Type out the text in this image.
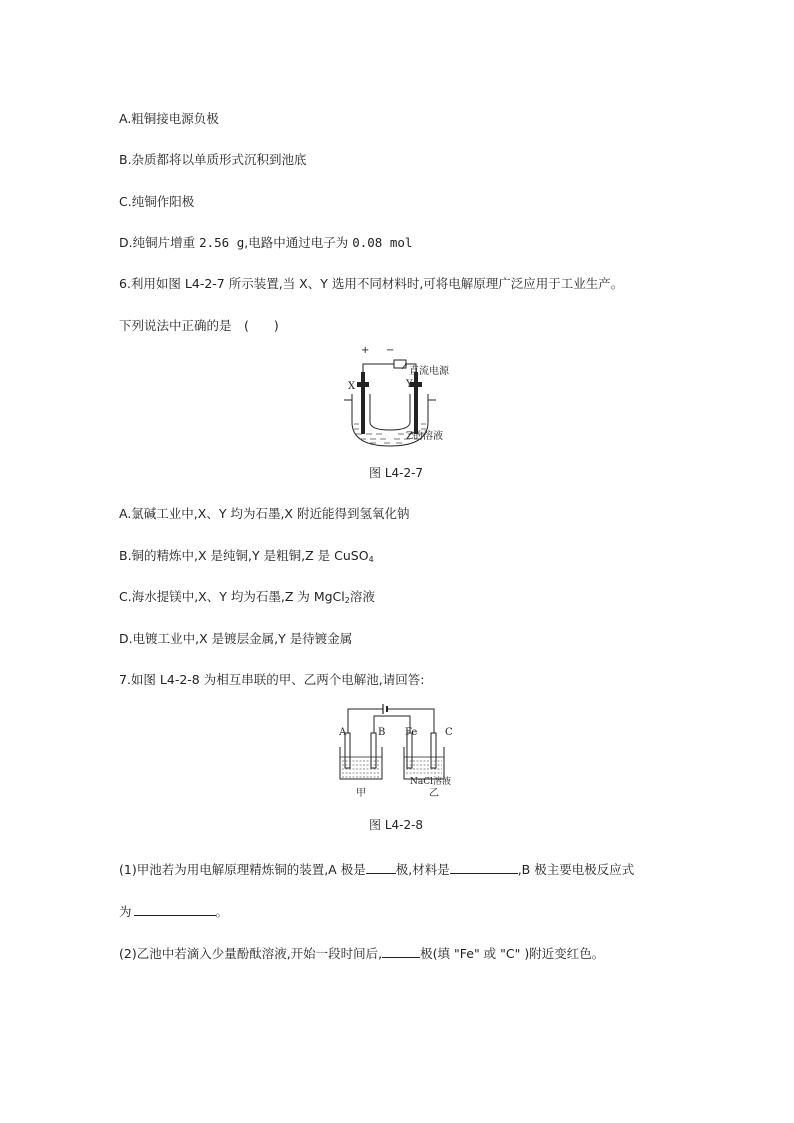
A.粗铜接电源负极
B.杂质都将以单质形式沉积到池底
C.纯铜作阳极
D.纯铜片增重 2.56 g,电路中通过电子为 0.08 mol
6.利用如图 L4-2-7 所示装置,当 X、Y 选用不同材料时,可将电解原理广泛应用于工业生产。
下列说法中正确的是　(　　)
+ −
直流电源
X	Y
Z的溶液
图 L4-2-7
A.氯碱工业中,X、Y 均为石墨,X 附近能得到氢氧化钠
B.铜的精炼中,X 是纯铜,Y 是粗铜,Z 是 CuSO$_4$
C.海水提镁中,X、Y 均为石墨,Z 为 MgCl$_2$溶液
D.电镀工业中,X 是镀层金属,Y 是待镀金属
7.如图 L4-2-8 为相互串联的甲、乙两个电解池,请回答:
A	B Fe	C
NaCl溶液
甲	乙
图 L4-2-8
(1)甲池若为用电解原理精炼铜的装置,A 极是 极,材料是	,B 极主要电极反应式
为	。
(2)乙池中若滴入少量酚酞溶液,开始一段时间后,	极(填 "Fe" 或 "C" )附近变红色。
